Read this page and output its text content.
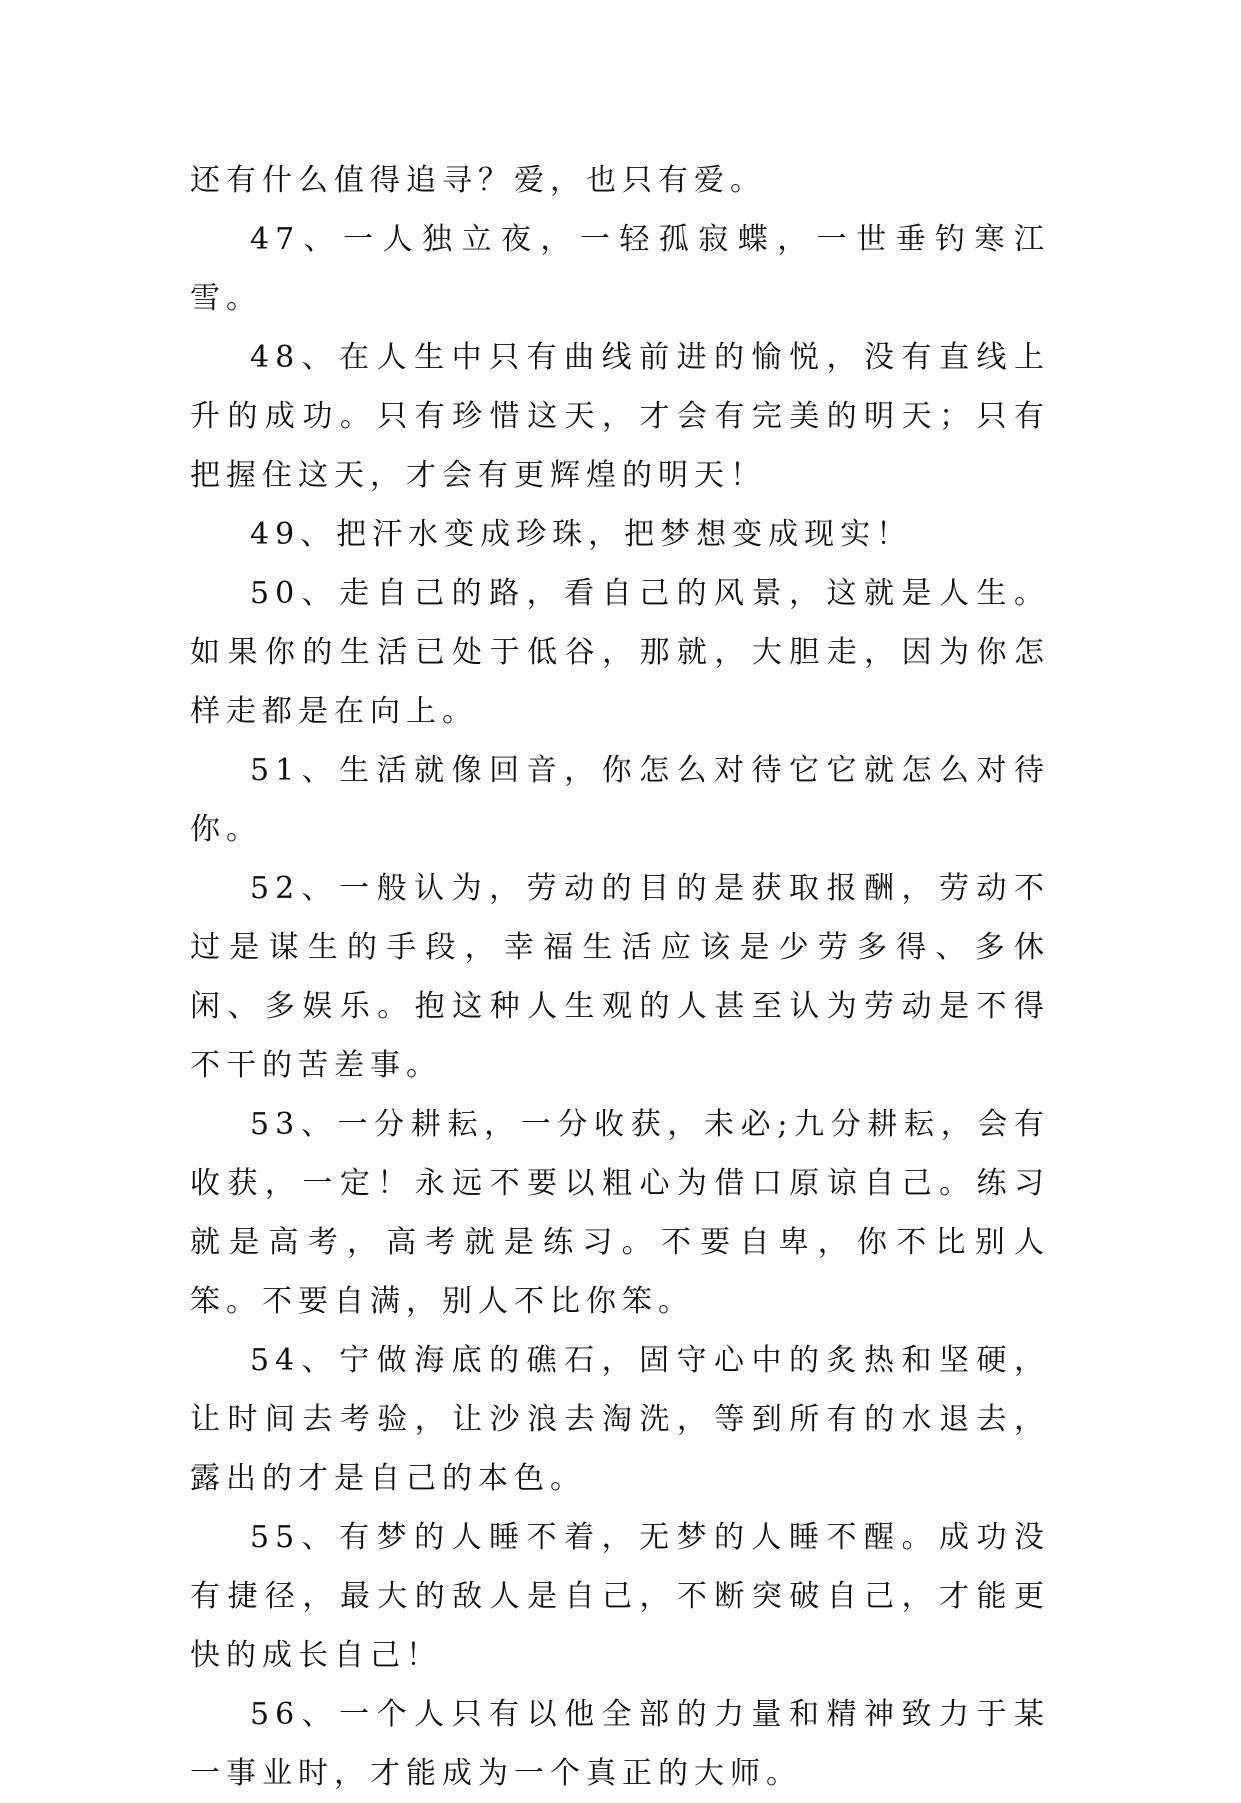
还有什么值得追寻？爱，也只有爱。

47、一人独立夜，一轻孤寂蝶，一世垂钓寒江雪。

48、在人生中只有曲线前进的愉悦，没有直线上升的成功。只有珍惜这天，才会有完美的明天；只有把握住这天，才会有更辉煌的明天！

49、把汗水变成珍珠，把梦想变成现实！

50、走自己的路，看自己的风景，这就是人生。如果你的生活已处于低谷，那就，大胆走，因为你怎样走都是在向上。

51、生活就像回音，你怎么对待它它就怎么对待你。

52、一般认为，劳动的目的是获取报酬，劳动不过是谋生的手段，幸福生活应该是少劳多得、多休闲、多娱乐。抱这种人生观的人甚至认为劳动是不得不干的苦差事。

53、一分耕耘，一分收获，未必;九分耕耘，会有收获，一定！永远不要以粗心为借口原谅自己。练习就是高考，高考就是练习。不要自卑，你不比别人笨。不要自满，别人不比你笨。

54、宁做海底的礁石，固守心中的炙热和坚硬，让时间去考验，让沙浪去淘洗，等到所有的水退去，露出的才是自己的本色。

55、有梦的人睡不着，无梦的人睡不醒。成功没有捷径，最大的敌人是自己，不断突破自己，才能更快的成长自己！

56、一个人只有以他全部的力量和精神致力于某一事业时，才能成为一个真正的大师。
